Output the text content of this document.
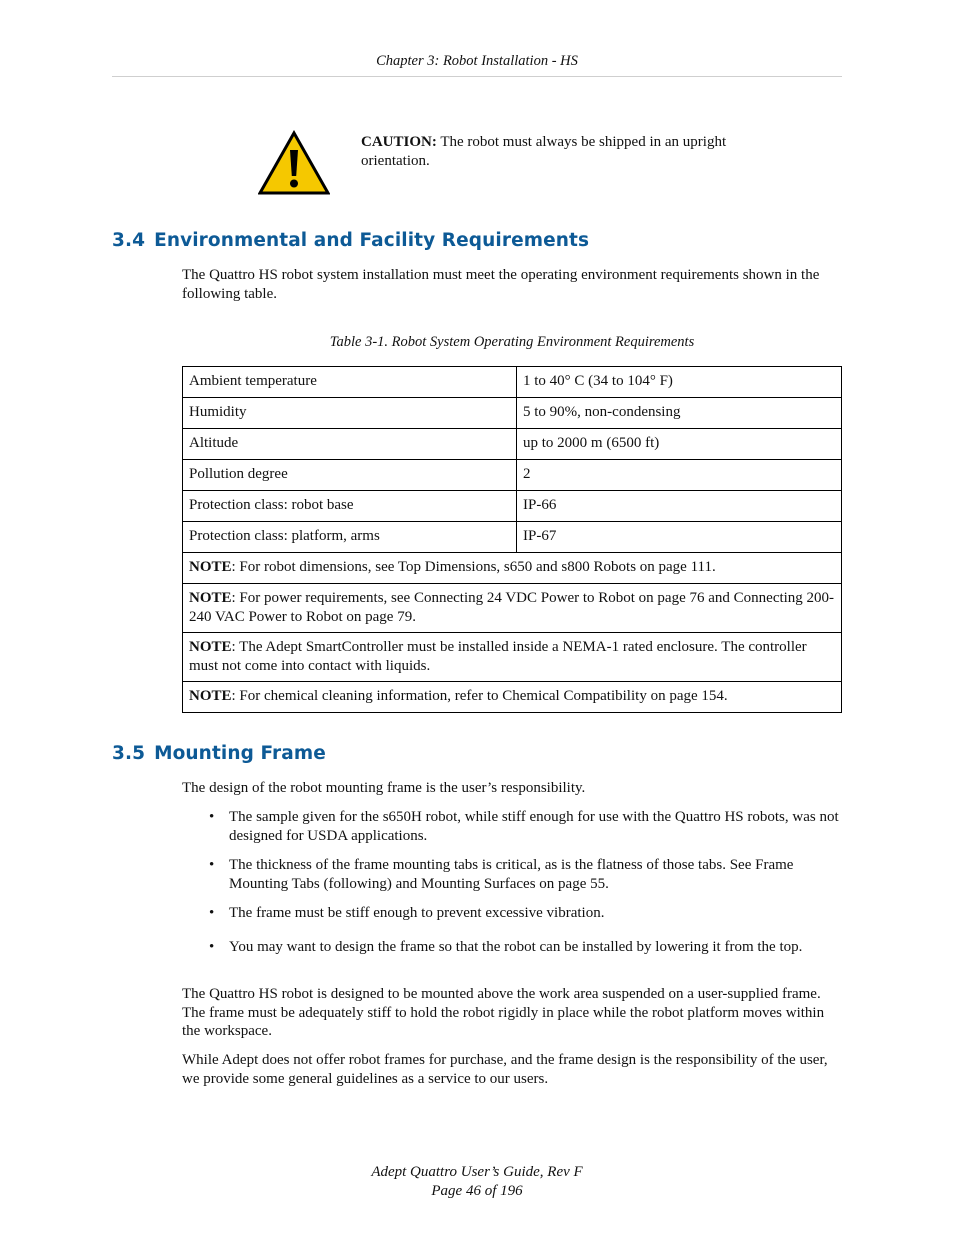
Chapter 3: Robot Installation - HS
CAUTION: The robot must always be shipped in an upright orientation.
3.4 Environmental and Facility Requirements
The Quattro HS robot system installation must meet the operating environment requirements shown in the following table.
Table 3-1. Robot System Operating Environment Requirements
Ambient temperature	1 to 40° C (34 to 104° F)
Humidity	5 to 90%, non-condensing
Altitude	up to 2000 m (6500 ft)
Pollution degree	2
Protection class: robot base	IP-66
Protection class: platform, arms	IP-67
NOTE: For robot dimensions, see Top Dimensions, s650 and s800 Robots on page 111.	
NOTE: For power requirements, see Connecting 24 VDC Power to Robot on page 76 and Connecting 200-240 VAC Power to Robot on page 79.	
NOTE: The Adept SmartController must be installed inside a NEMA-1 rated enclosure. The controller must not come into contact with liquids.	
NOTE: For chemical cleaning information, refer to Chemical Compatibility on page 154.	
3.5 Mounting Frame
The design of the robot mounting frame is the user’s responsibility.
• The sample given for the s650H robot, while stiff enough for use with the Quattro HS robots, was not designed for USDA applications.
• The thickness of the frame mounting tabs is critical, as is the flatness of those tabs. See Frame Mounting Tabs (following) and Mounting Surfaces on page 55.
• The frame must be stiff enough to prevent excessive vibration.
• You may want to design the frame so that the robot can be installed by lowering it from the top.
The Quattro HS robot is designed to be mounted above the work area suspended on a user-supplied frame. The frame must be adequately stiff to hold the robot rigidly in place while the robot platform moves within the workspace.
While Adept does not offer robot frames for purchase, and the frame design is the responsibility of the user, we provide some general guidelines as a service to our users.
Adept Quattro User’s Guide, Rev F
Page 46 of 196
